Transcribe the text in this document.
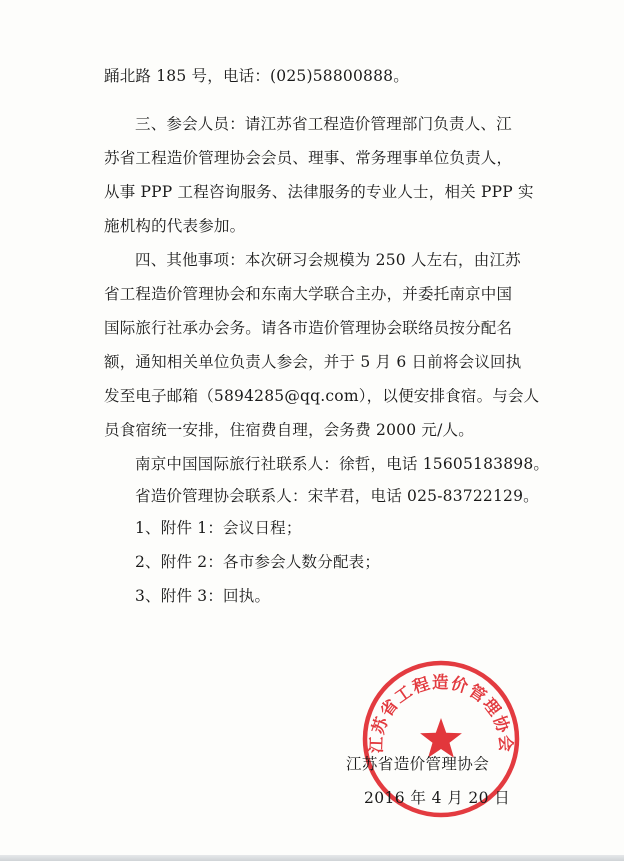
踊北路 185 号，电话：(025)58800888。
三、参会人员：请江苏省工程造价管理部门负责人、江
苏省工程造价管理协会会员、理事、常务理事单位负责人，
从事 PPP 工程咨询服务、法律服务的专业人士，相关 PPP 实
施机构的代表参加。
四、其他事项：本次研习会规模为 250 人左右，由江苏
省工程造价管理协会和东南大学联合主办，并委托南京中国
国际旅行社承办会务。请各市造价管理协会联络员按分配名
额，通知相关单位负责人参会，并于 5 月 6 日前将会议回执
发至电子邮箱（5894285@qq.com），以便安排食宿。与会人
员食宿统一安排，住宿费自理，会务费 2000 元/人。
南京中国国际旅行社联系人：徐哲，电话 15605183898。
省造价管理协会联系人：宋芊君，电话 025-83722129。
1、附件 1：会议日程；
2、附件 2：各市参会人数分配表；
3、附件 3：回执。
江苏省工程造价管理协会
江苏省造价管理协会
2016 年 4 月 20 日
